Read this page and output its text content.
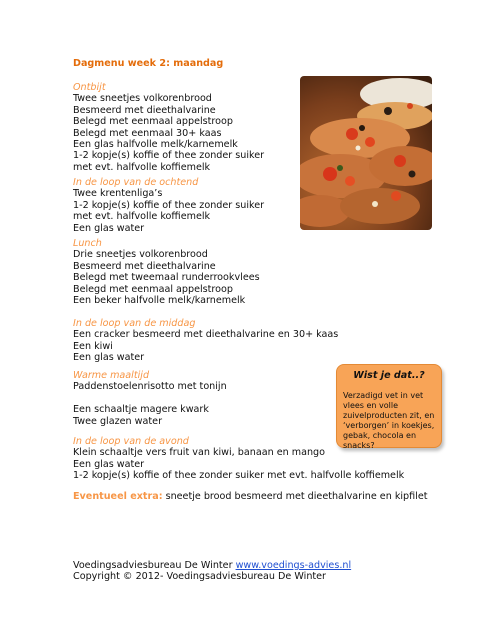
Dagmenu week 2: maandag
Ontbijt
Twee sneetjes volkorenbrood
Besmeerd met dieethalvarine
Belegd met eenmaal appelstroop
Belegd met eenmaal 30+ kaas
Een glas halfvolle melk/karnemelk
1-2 kopje(s) koffie of thee zonder suiker
met evt. halfvolle koffiemelk
In de loop van de ochtend
Twee krentenliga’s
1-2 kopje(s) koffie of thee zonder suiker
met evt. halfvolle koffiemelk
Een glas water
Lunch
Drie sneetjes volkorenbrood
Besmeerd met dieethalvarine
Belegd met tweemaal runderrookvlees
Belegd met eenmaal appelstroop
Een beker halfvolle melk/karnemelk
In de loop van de middag
Een cracker besmeerd met dieethalvarine en 30+ kaas
Een kiwi
Een glas water
Warme maaltijd
Paddenstoelenrisotto met tonijn
Een schaaltje magere kwark
Twee glazen water
In de loop van de avond
Klein schaaltje vers fruit van kiwi, banaan en mango
Een glas water
1-2 kopje(s) koffie of thee zonder suiker met evt. halfvolle koffiemelk
Eventueel extra: sneetje brood besmeerd met dieethalvarine en kipfilet
Wist je dat..?
Verzadigd vet in vet vlees en volle zuivelproducten zit, en ‘verborgen’ in koekjes, gebak, chocola en snacks?
Voedingsadviesbureau De Winter www.voedings-advies.nl
Copyright © 2012- Voedingsadviesbureau De Winter
